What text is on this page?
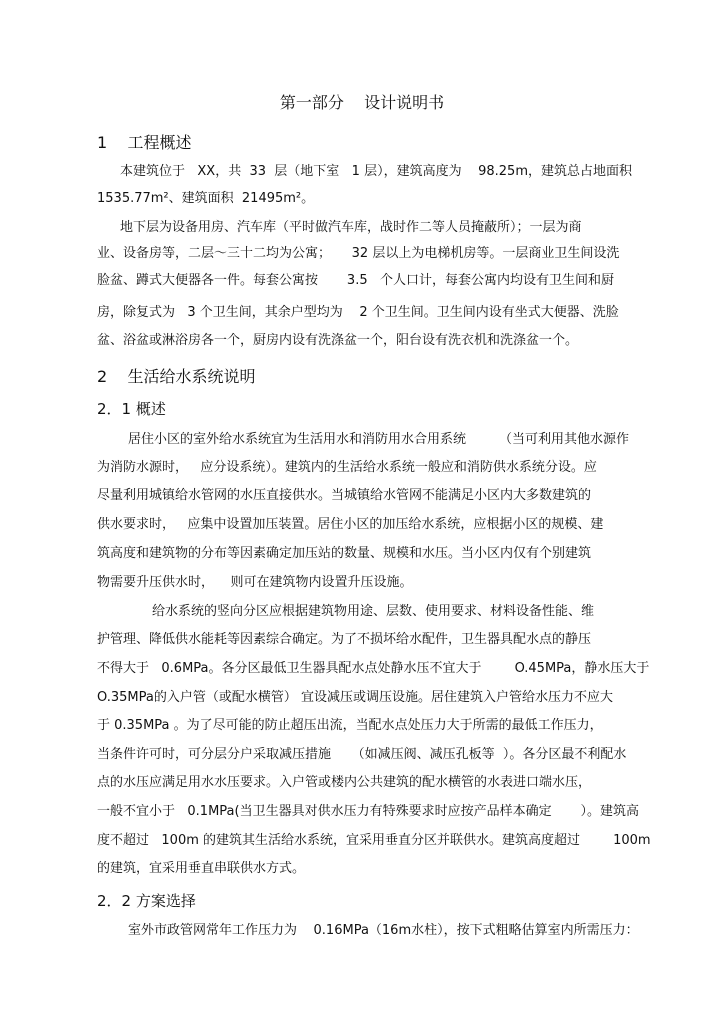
第一部分    设计说明书
1    工程概述
本建筑位于   XX，共  33  层（地下室   1 层），建筑高度为    98.25m，建筑总占地面积
1535.77m²、建筑面积  21495m²。
地下层为设备用房、汽车库（平时做汽车库，战时作二等人员掩蔽所）；一层为商
业、设备房等，二层～三十二均为公寓；     32 层以上为电梯机房等。一层商业卫生间设洗
脸盆、蹲式大便器各一件。每套公寓按       3.5   个人口计，每套公寓内均设有卫生间和厨
房，除复式为   3 个卫生间，其余户型均为    2 个卫生间。卫生间内设有坐式大便器、洗脸
盆、浴盆或淋浴房各一个，厨房内设有洗涤盆一个，阳台设有洗衣机和洗涤盆一个。
2    生活给水系统说明
2．1 概述
居住小区的室外给水系统宜为生活用水和消防用水合用系统        （当可利用其他水源作
为消防水源时，   应分设系统）。建筑内的生活给水系统一般应和消防供水系统分设。应
尽量利用城镇给水管网的水压直接供水。当城镇给水管网不能满足小区内大多数建筑的
供水要求时，   应集中设置加压装置。居住小区的加压给水系统，应根据小区的规模、建
筑高度和建筑物的分布等因素确定加压站的数量、规模和水压。当小区内仅有个别建筑
物需要升压供水时，    则可在建筑物内设置升压设施。
给水系统的竖向分区应根据建筑物用途、层数、使用要求、材料设备性能、维
护管理、降低供水能耗等因素综合确定。为了不损坏给水配件，卫生器具配水点的静压
不得大于   0.6MPa。各分区最低卫生器具配水点处静水压不宜大于        O.45MPa，静水压大于
O.35MPa的入户管（或配水横管） 宜设减压或调压设施。居住建筑入户管给水压力不应大
于 0.35MPa 。为了尽可能的防止超压出流，当配水点处压力大于所需的最低工作压力，
当条件许可时，可分层分户采取减压措施     （如减压阀、减压孔板等  ）。各分区最不利配水
点的水压应满足用水水压要求。入户管或楼内公共建筑的配水横管的水表进口端水压，
一般不宜小于   0.1MPa(当卫生器具对供水压力有特殊要求时应按产品样本确定       ）。建筑高
度不超过   100m 的建筑其生活给水系统，宜采用垂直分区并联供水。建筑高度超过        100m
的建筑，宜采用垂直串联供水方式。
2．2 方案选择
室外市政管网常年工作压力为    0.16MPa（16m水柱），按下式粗略估算室内所需压力：
